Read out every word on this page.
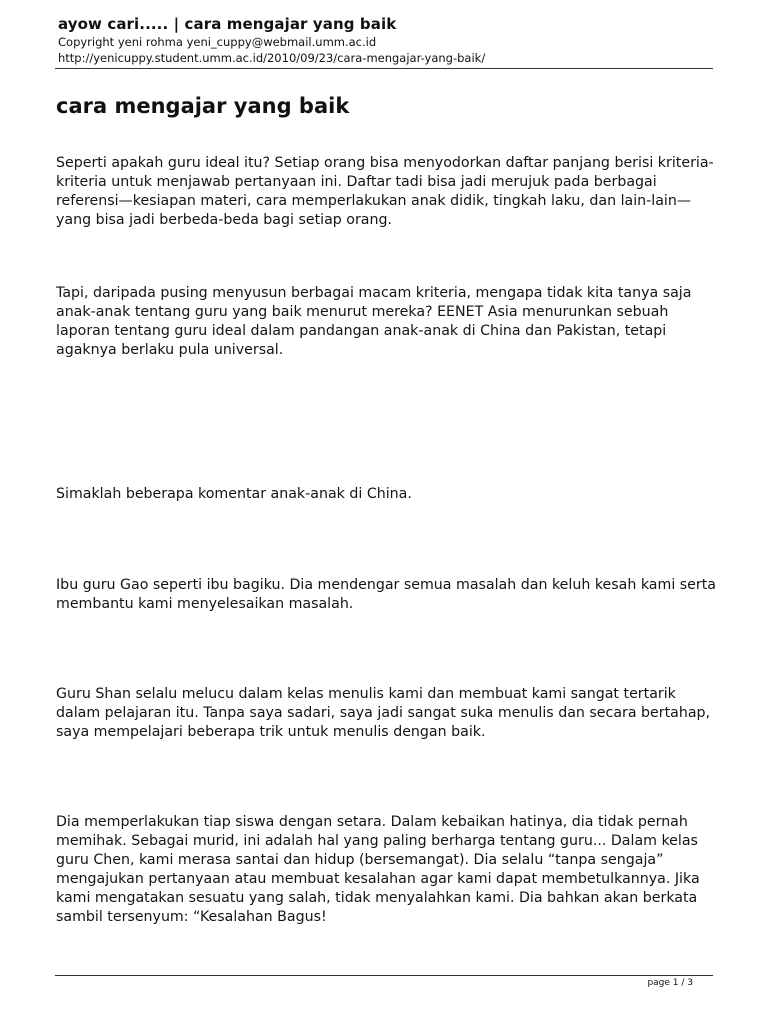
ayow cari..... | cara mengajar yang baik

Copyright yeni rohma yeni_cuppy@webmail.umm.ac.id

http://yenicuppy.student.umm.ac.id/2010/09/23/cara-mengajar-yang-baik/

cara mengajar yang baik

Seperti apakah guru ideal itu? Setiap orang bisa menyodorkan daftar panjang berisi kriteria-kriteria untuk menjawab pertanyaan ini. Daftar tadi bisa jadi merujuk pada berbagai referensi—kesiapan materi, cara memperlakukan anak didik, tingkah laku, dan lain-lain—yang bisa jadi berbeda-beda bagi setiap orang.

Tapi, daripada pusing menyusun berbagai macam kriteria, mengapa tidak kita tanya saja anak-anak tentang guru yang baik menurut mereka? EENET Asia menurunkan sebuah laporan tentang guru ideal dalam pandangan anak-anak di China dan Pakistan, tetapi agaknya berlaku pula universal.

Simaklah beberapa komentar anak-anak di China.

Ibu guru Gao seperti ibu bagiku. Dia mendengar semua masalah dan keluh kesah kami serta membantu kami menyelesaikan masalah.

Guru Shan selalu melucu dalam kelas menulis kami dan membuat kami sangat tertarik dalam pelajaran itu. Tanpa saya sadari, saya jadi sangat suka menulis dan secara bertahap, saya mempelajari beberapa trik untuk menulis dengan baik.

Dia memperlakukan tiap siswa dengan setara. Dalam kebaikan hatinya, dia tidak pernah memihak. Sebagai murid, ini adalah hal yang paling berharga tentang guru... Dalam kelas guru Chen, kami merasa santai dan hidup (bersemangat). Dia selalu “tanpa sengaja” mengajukan pertanyaan atau membuat kesalahan agar kami dapat membetulkannya. Jika kami mengatakan sesuatu yang salah, tidak menyalahkan kami. Dia bahkan akan berkata sambil tersenyum: “Kesalahan Bagus!

page 1 / 3
